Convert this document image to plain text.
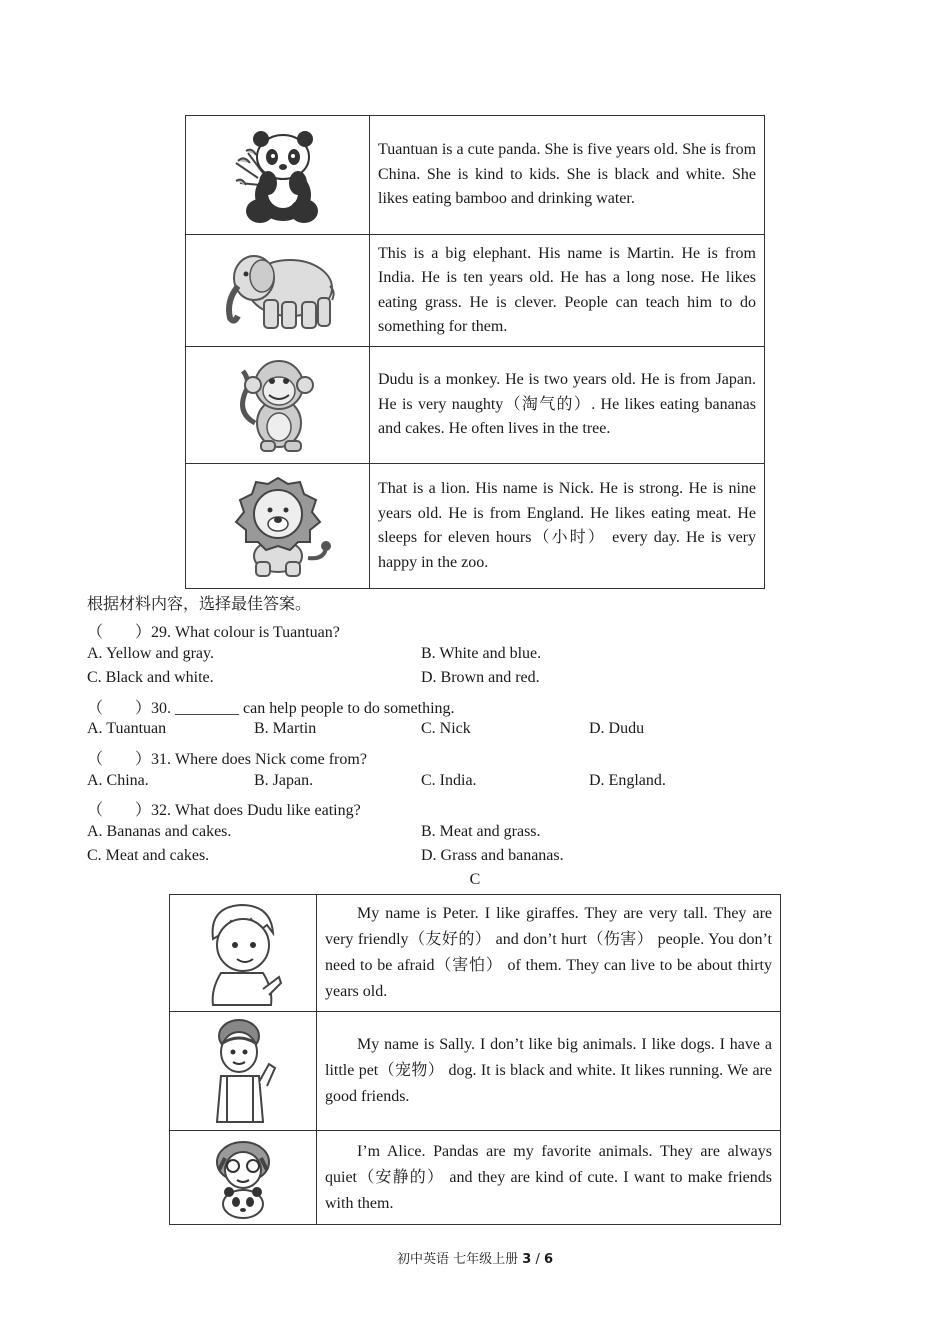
	Tuantuan is a cute panda. She is five years old. She is from China. She is kind to kids. She is black and white. She likes eating bamboo and drinking water.

	This is a big elephant. His name is Martin. He is from India. He is ten years old. He has a long nose. He likes eating grass. He is clever. People can teach him to do something for them.

	Dudu is a monkey. He is two years old. He is from Japan. He is very naughty（淘气的）. He likes eating bananas and cakes. He often lives in the tree.

	That is a lion. His name is Nick. He is strong. He is nine years old. He is from England. He likes eating meat. He sleeps for eleven hours（小时） every day. He is very happy in the zoo.
根据材料内容，选择最佳答案。
（　　）29. What colour is Tuantuan?
A. Yellow and gray.	B. White and blue.
C. Black and white.	D. Brown and red.
（　　）30. ________ can help people to do something.
A. Tuantuan	B. Martin	C. Nick	D. Dudu
（　　）31. Where does Nick come from?
A. China.	B. Japan.	C. India.	D. England.
（　　）32. What does Dudu like eating?
A. Bananas and cakes.	B. Meat and grass.
C. Meat and cakes.	D. Grass and bananas.
C
	My name is Peter. I like giraffes. They are very tall. They are very friendly（友好的） and don’t hurt（伤害） people. You don’t need to be afraid（害怕） of them. They can live to be about thirty years old.

	My name is Sally. I don’t like big animals. I like dogs. I have a little pet（宠物） dog. It is black and white. It likes running. We are good friends.

	I’m Alice. Pandas are my favorite animals. They are always quiet（安静的） and they are kind of cute. I want to make friends with them.
初中英语 七年级上册 3 / 6
